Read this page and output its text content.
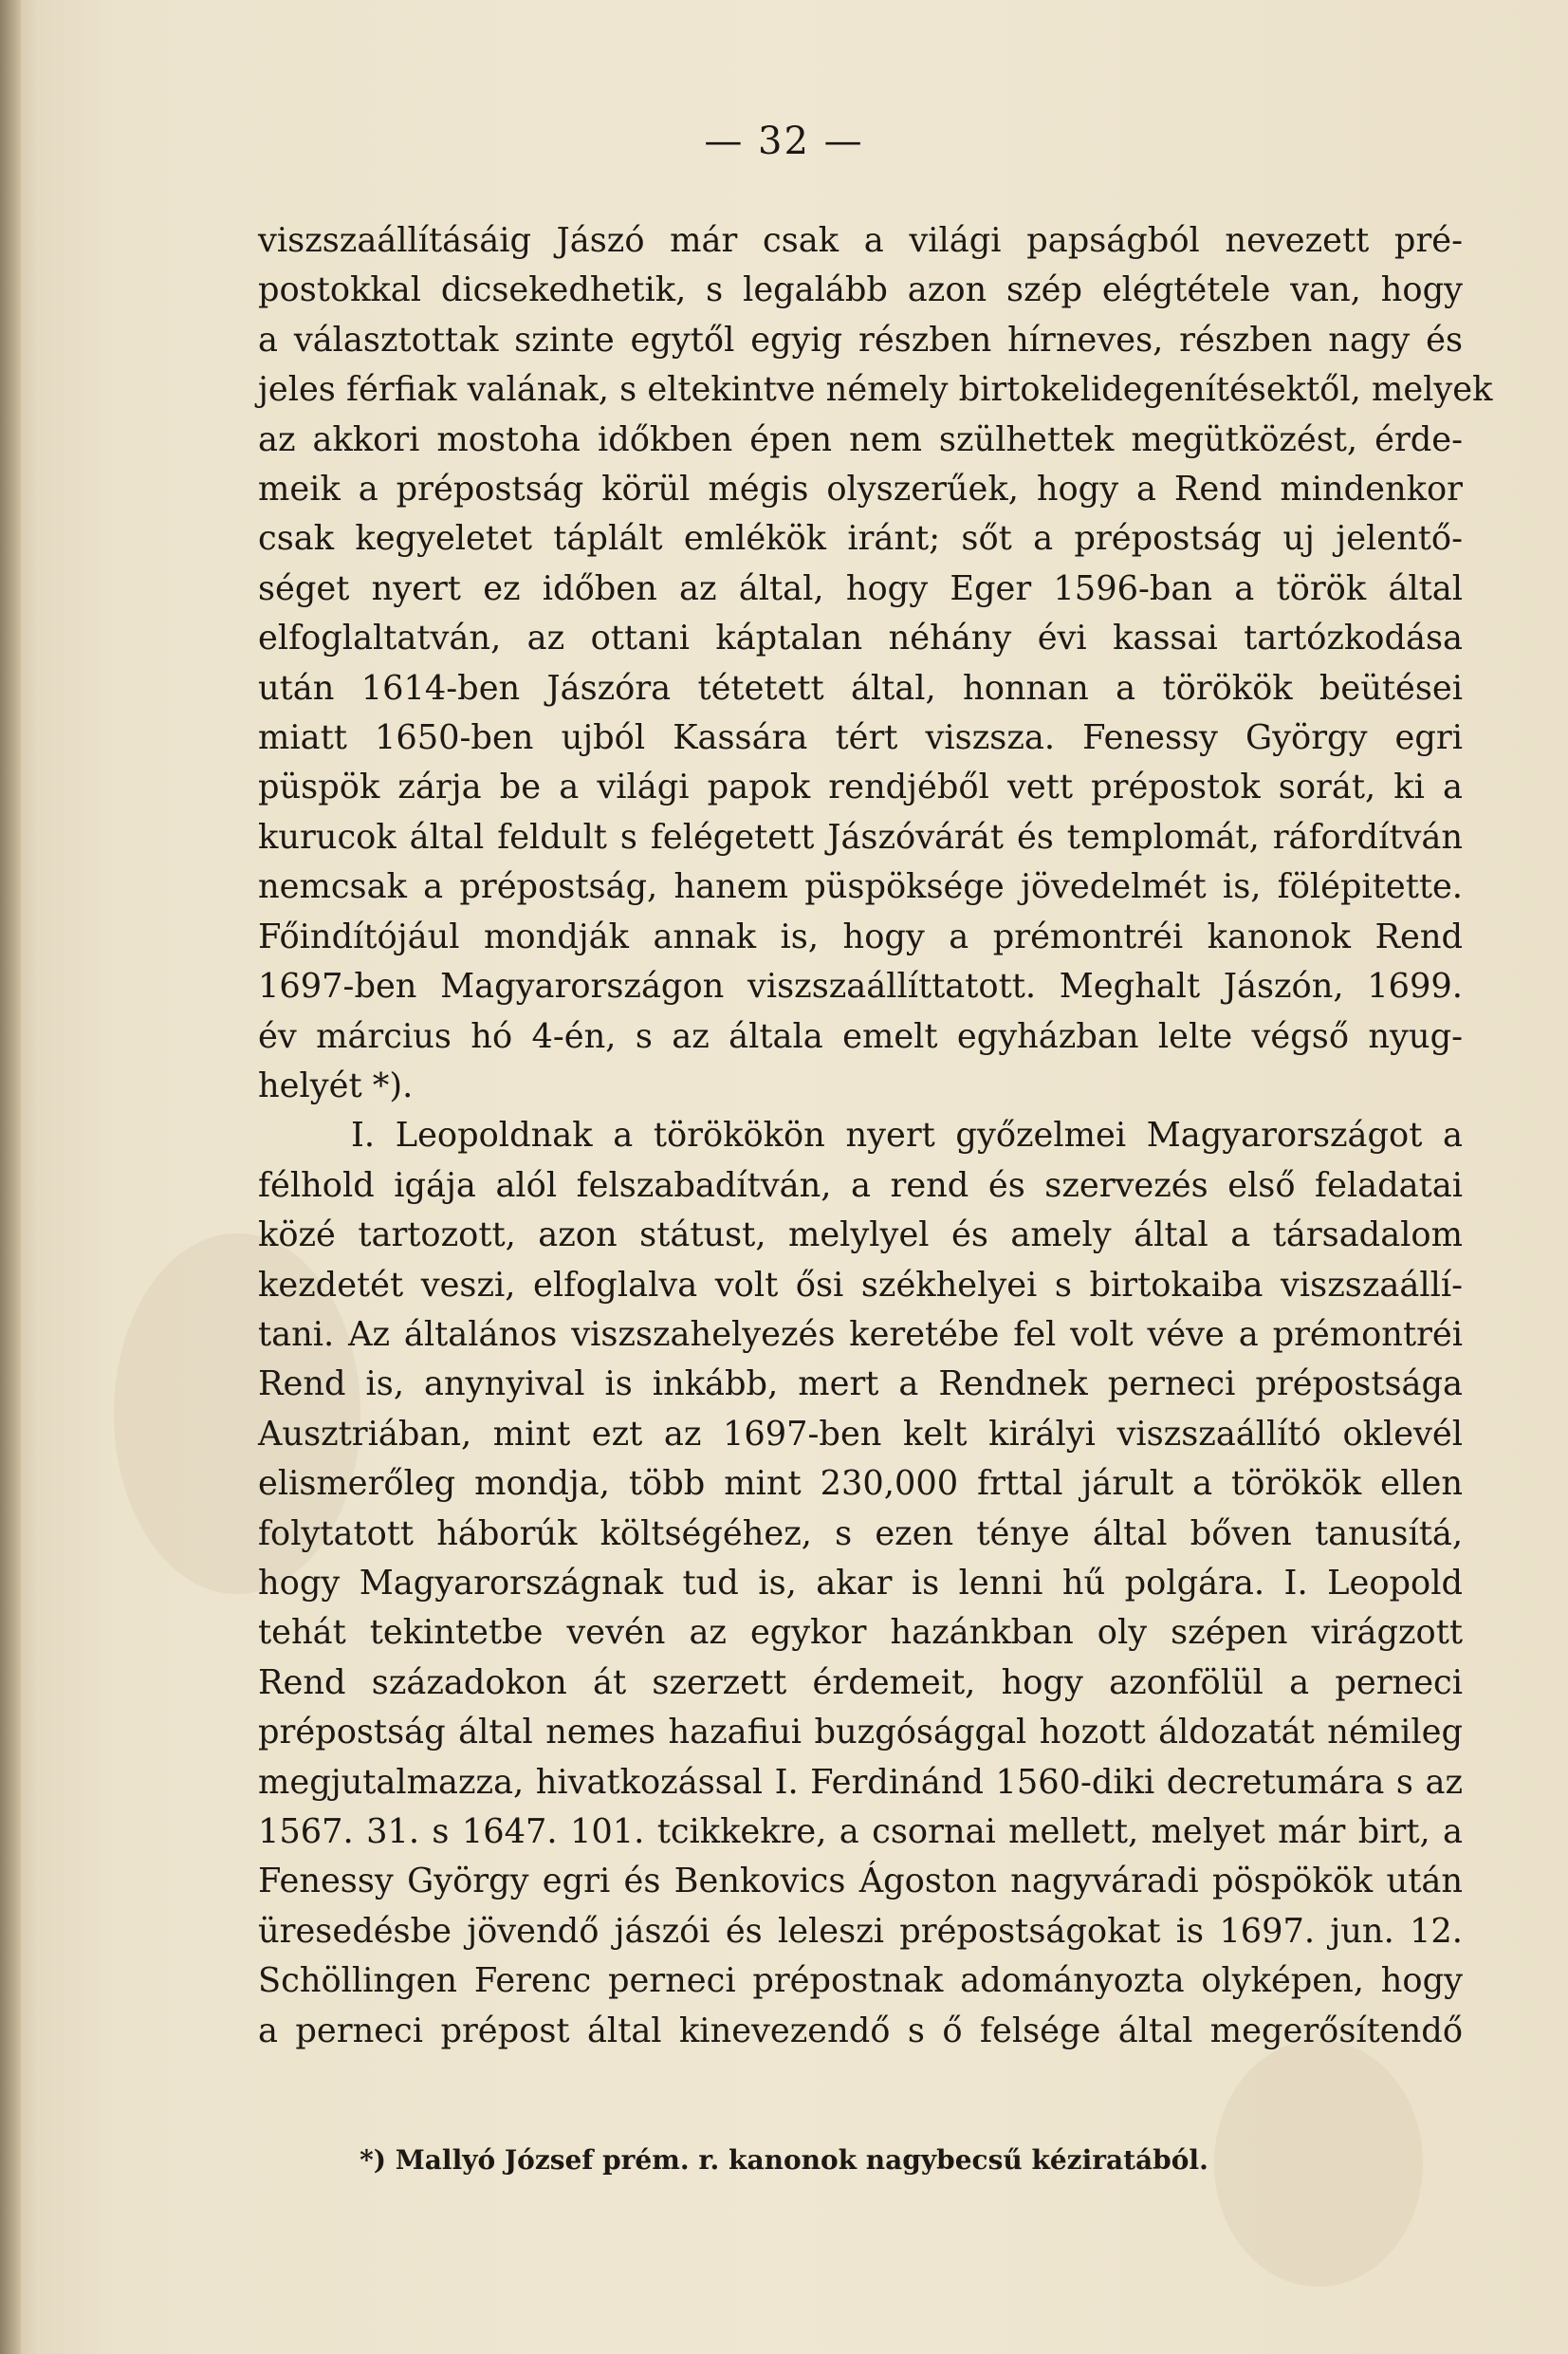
— 32 —
viszszaállításáig Jászó már csak a világi papságból nevezett pré-
postokkal dicsekedhetik, s legalább azon szép elégtétele van, hogy
a választottak szinte egytől egyig részben hírneves, részben nagy és
jeles férfiak valának, s eltekintve némely birtokelidegenítésektől, melyek
az akkori mostoha időkben épen nem szülhettek megütközést, érde-
meik a prépostság körül mégis olyszerűek, hogy a Rend mindenkor
csak kegyeletet táplált emlékök iránt; sőt a prépostság uj jelentő-
séget nyert ez időben az által, hogy Eger 1596-ban a török által
elfoglaltatván, az ottani káptalan néhány évi kassai tartózkodása
után 1614-ben Jászóra tétetett által, honnan a törökök beütései
miatt 1650-ben ujból Kassára tért viszsza. Fenessy György egri
püspök zárja be a világi papok rendjéből vett prépostok sorát, ki a
kurucok által feldult s felégetett Jászóvárát és templomát, ráfordítván
nemcsak a prépostság, hanem püspöksége jövedelmét is, fölépitette.
Főindítójául mondják annak is, hogy a prémontréi kanonok Rend
1697-ben Magyarországon viszszaállíttatott. Meghalt Jászón, 1699.
év március hó 4-én, s az általa emelt egyházban lelte végső nyug-
helyét *).
I. Leopoldnak a törökökön nyert győzelmei Magyarországot a
félhold igája alól felszabadítván, a rend és szervezés első feladatai
közé tartozott, azon státust, melylyel és amely által a társadalom
kezdetét veszi, elfoglalva volt ősi székhelyei s birtokaiba viszszaállí-
tani. Az általános viszszahelyezés keretébe fel volt véve a prémontréi
Rend is, anynyival is inkább, mert a Rendnek perneci prépostsága
Ausztriában, mint ezt az 1697-ben kelt királyi viszszaállító oklevél
elismerőleg mondja, több mint 230,000 frttal járult a törökök ellen
folytatott háborúk költségéhez, s ezen ténye által bőven tanusítá,
hogy Magyarországnak tud is, akar is lenni hű polgára. I. Leopold
tehát tekintetbe vevén az egykor hazánkban oly szépen virágzott
Rend századokon át szerzett érdemeit, hogy azonfölül a perneci
prépostság által nemes hazafiui buzgósággal hozott áldozatát némileg
megjutalmazza, hivatkozással I. Ferdinánd 1560-diki decretumára s az
1567. 31. s 1647. 101. tcikkekre, a csornai mellett, melyet már birt, a
Fenessy György egri és Benkovics Ágoston nagyváradi pöspökök után
üresedésbe jövendő jászói és leleszi prépostságokat is 1697. jun. 12.
Schöllingen Ferenc perneci prépostnak adományozta olyképen, hogy
a perneci prépost által kinevezendő s ő felsége által megerősítendő
*) Mallyó József prém. r. kanonok nagybecsű kéziratából.
